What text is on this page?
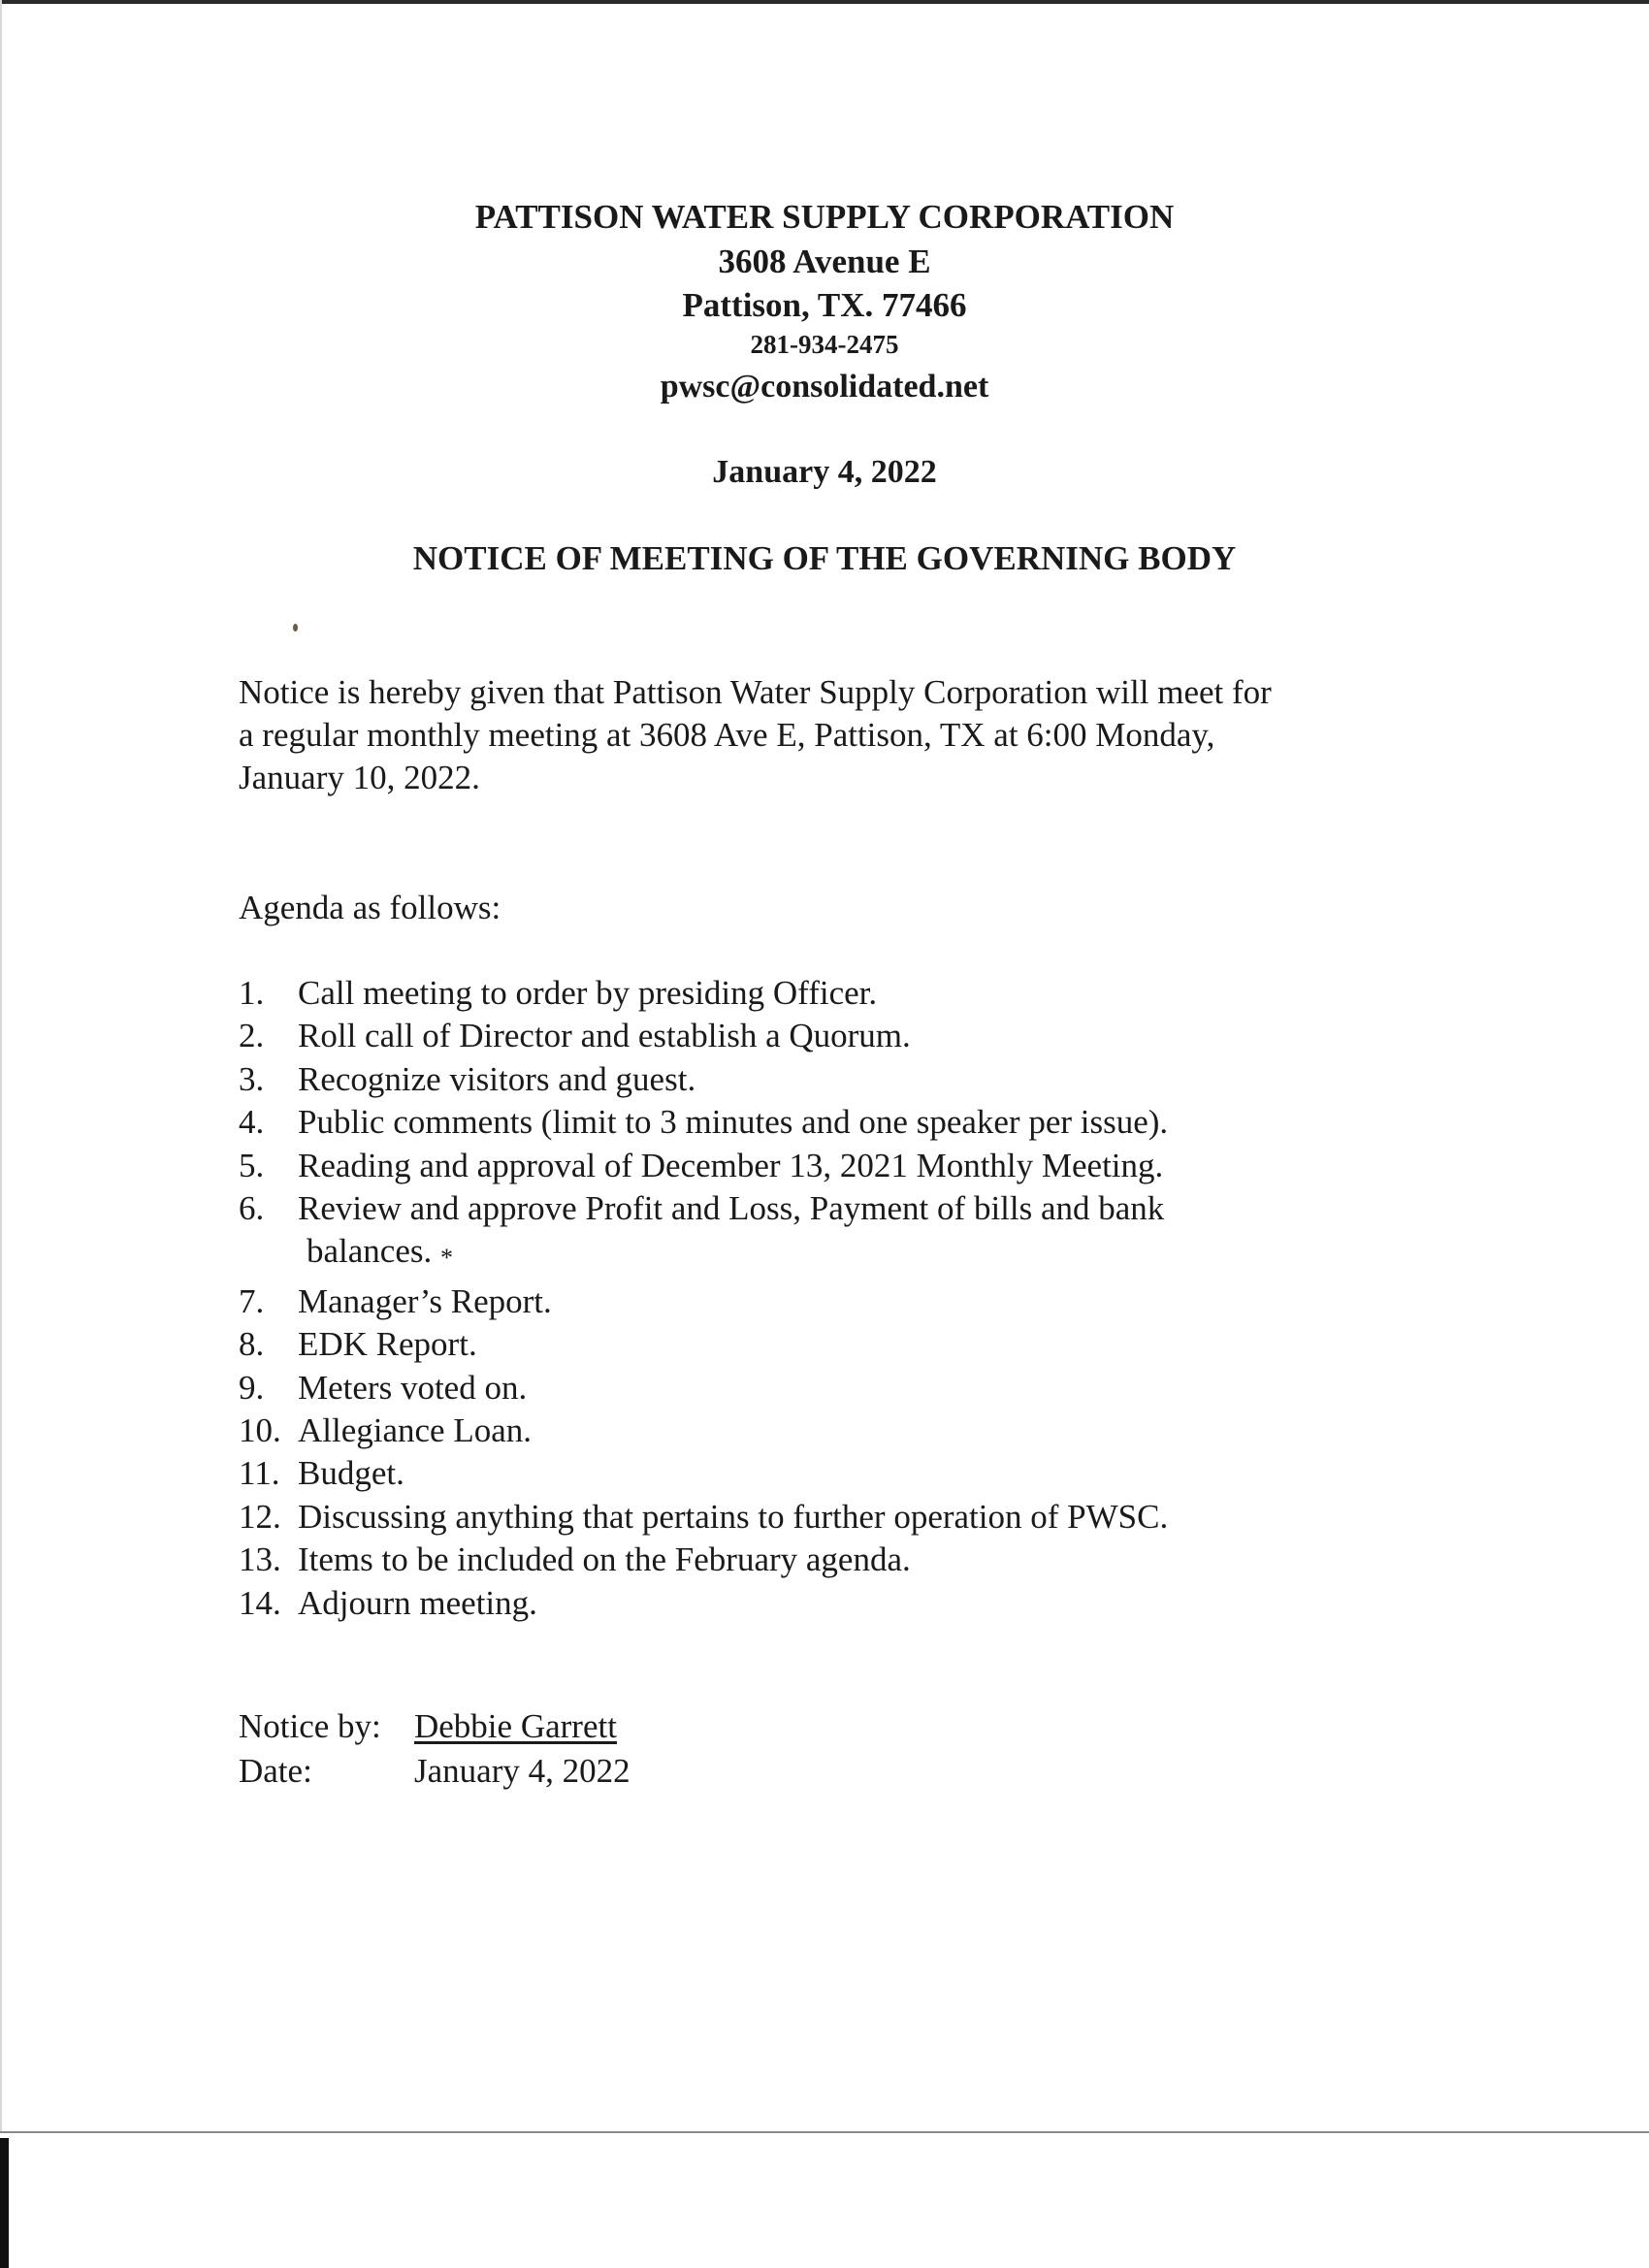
PATTISON WATER SUPPLY CORPORATION
3608 Avenue E
Pattison, TX. 77466
281-934-2475
pwsc@consolidated.net
January 4, 2022
NOTICE OF MEETING OF THE GOVERNING BODY
Notice is hereby given that Pattison Water Supply Corporation will meet for
a regular monthly meeting at 3608 Ave E, Pattison, TX at 6:00 Monday,
January 10, 2022.
Agenda as follows:
1. Call meeting to order by presiding Officer.
2. Roll call of Director and establish a Quorum.
3. Recognize visitors and guest.
4. Public comments (limit to 3 minutes and one speaker per issue).
5. Reading and approval of December 13, 2021 Monthly Meeting.
6. Review and approve Profit and Loss, Payment of bills and bank
balances. *
7. Manager’s Report.
8. EDK Report.
9. Meters voted on.
10. Allegiance Loan.
11. Budget.
12. Discussing anything that pertains to further operation of PWSC.
13. Items to be included on the February agenda.
14. Adjourn meeting.
Notice by: Debbie Garrett
Date:	January 4, 2022
